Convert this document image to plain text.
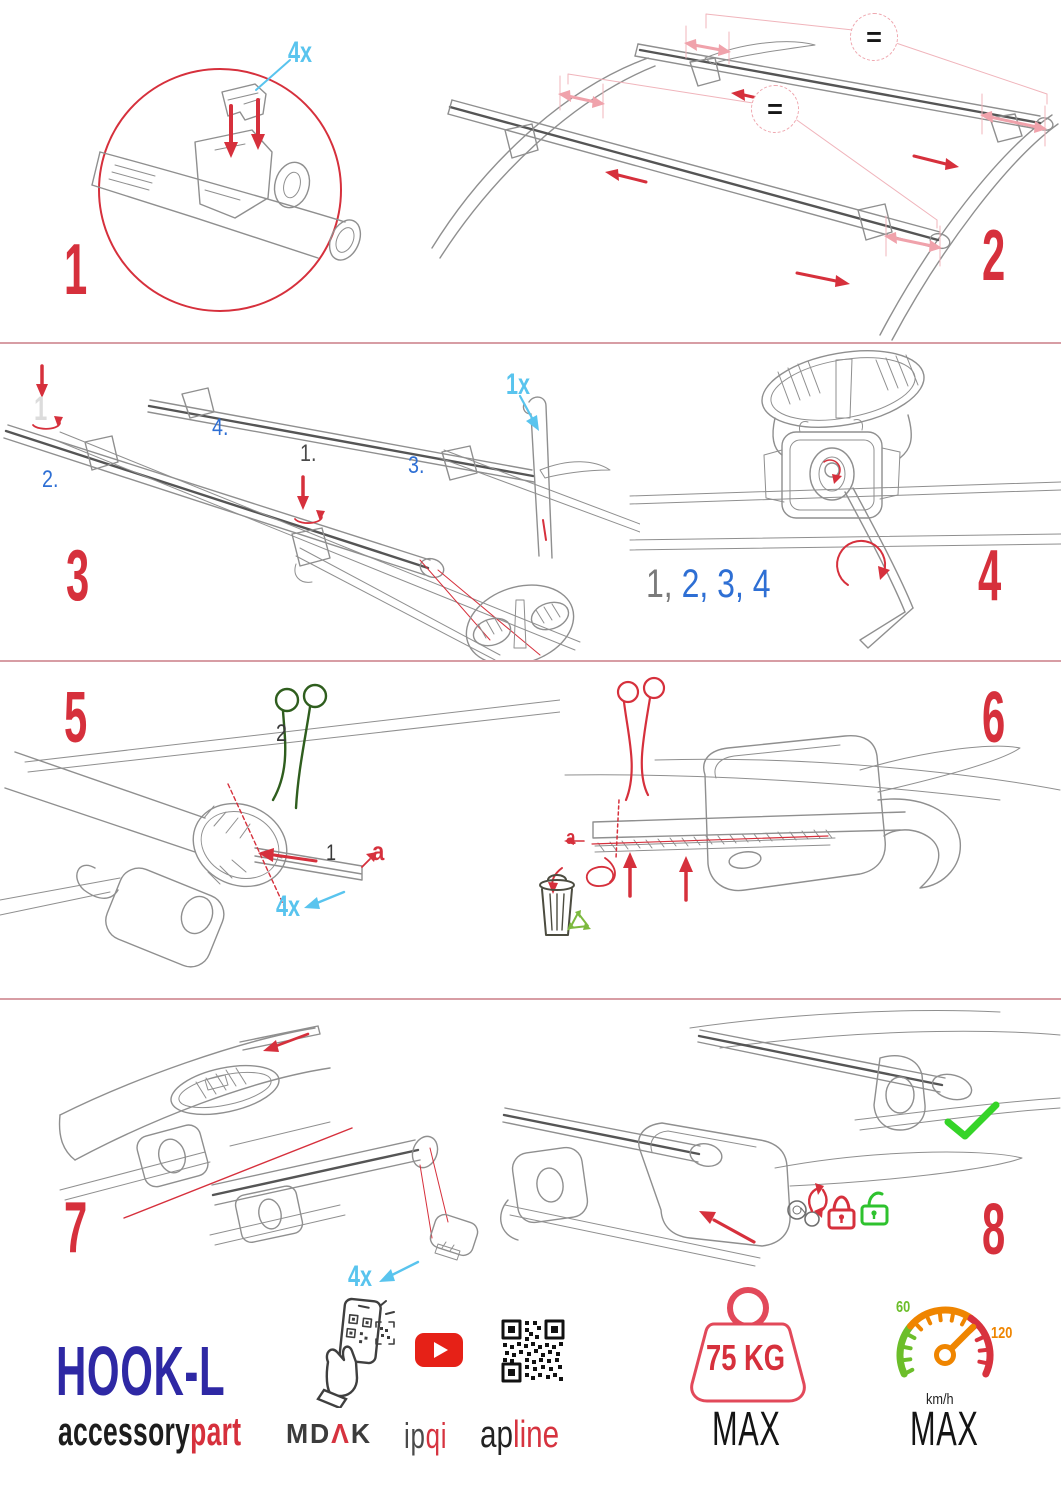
4x
1
=
=
2
1
1.
2.
3.
4.
1x
3	1, 2, 3, 4	4
2
1 a
4x
5
a
6
4x
7	8
HOOK-L
accessorypart MDΛK ipqi apline
75 KG
MAX
60
120
km/h
MAX
